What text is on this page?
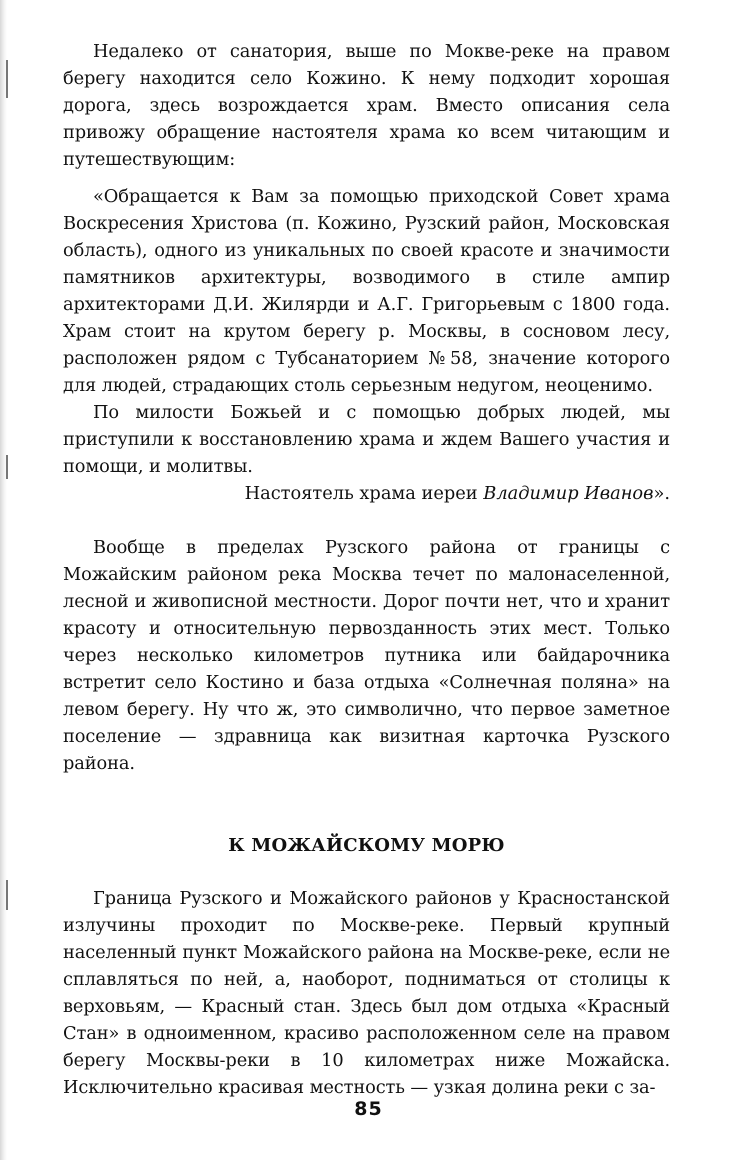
Недалеко от санатория, выше по Мокве-реке на правом берегу находится село Кожино. К нему подходит хорошая дорога, здесь возрождается храм. Вместо описания села привожу обращение настоятеля храма ко всем читающим и путешествующим:

«Обращается к Вам за помощью приходской Совет храма Воскресения Христова (п. Кожино, Рузский район, Московская область), одного из уникальных по своей красоте и значимости памятников архитектуры, возводимого в стиле ампир архитекторами Д.И. Жилярди и А.Г. Григорьевым с 1800 года. Храм стоит на крутом берегу р. Москвы, в сосновом лесу, расположен рядом с Тубсанаторием №58, значение которого для людей, страдающих столь серьезным недугом, неоценимо.

По милости Божьей и с помощью добрых людей, мы приступили к восстановлению храма и ждем Вашего участия и помощи, и молитвы.

Настоятель храма иереи Владимир Иванов».

Вообще в пределах Рузского района от границы с Можайским районом река Москва течет по малонаселенной, лесной и живописной местности. Дорог почти нет, что и хранит красоту и относительную первозданность этих мест. Только через несколько километров путника или байдарочника встретит село Костино и база отдыха «Солнечная поляна» на левом берегу. Ну что ж, это символично, что первое заметное поселение — здравница как визитная карточка Рузского района.

К МОЖАЙСКОМУ МОРЮ

Граница Рузского и Можайского районов у Красностанской излучины проходит по Москве-реке. Первый крупный населенный пункт Можайского района на Москве-реке, если не сплавляться по ней, а, наоборот, подниматься от столицы к верховьям, — Красный стан. Здесь был дом отдыха «Красный Стан» в одноименном, красиво расположенном селе на правом берегу Москвы-реки в 10 километрах ниже Можайска. Исключительно красивая местность — узкая долина реки с за-

85
